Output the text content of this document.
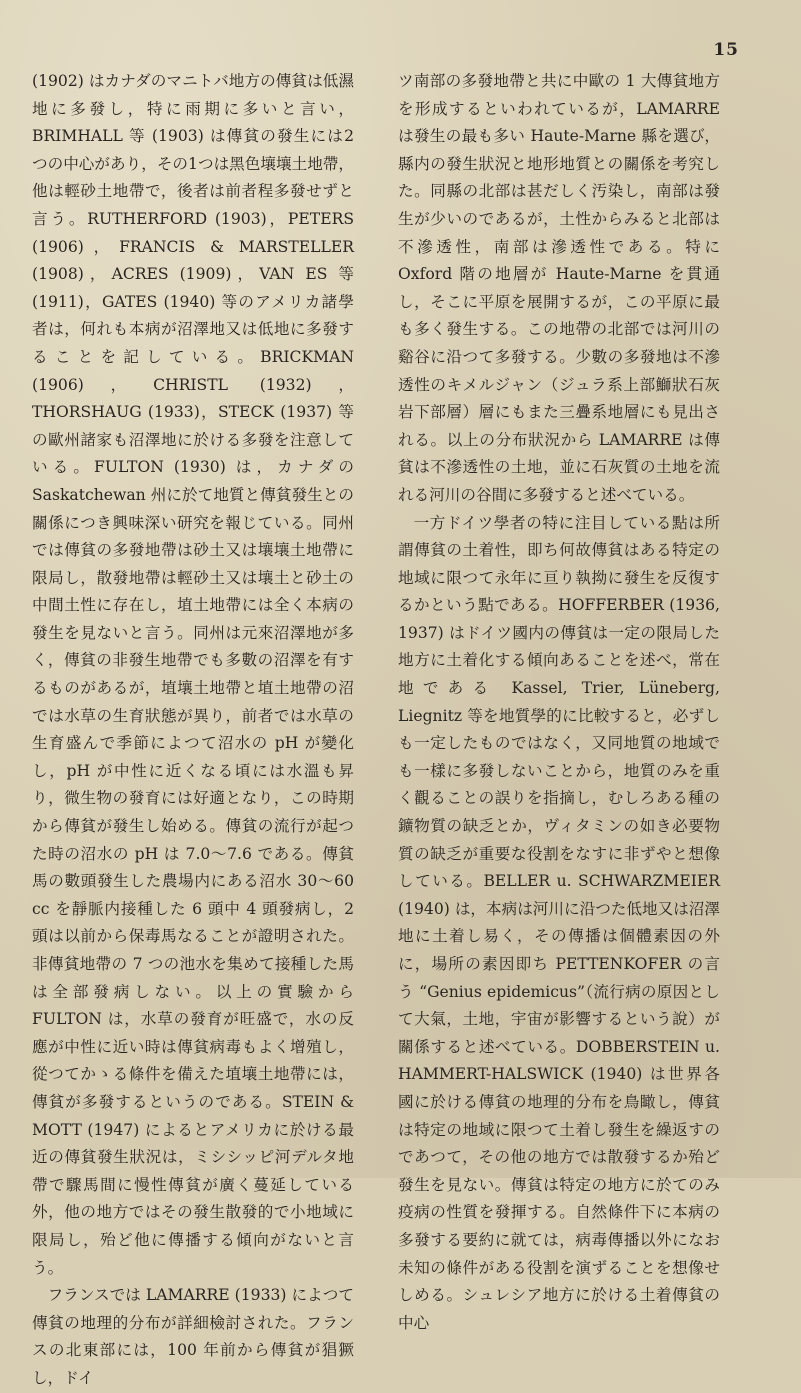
15

(1902) はカナダのマニトバ地方の傳貧は低濕地に多發し，特に雨期に多いと言い，BRIMHALL 等 (1903) は傳貧の發生には2つの中心があり，その1つは黑色壤壤土地帶，他は輕砂土地帶で，後者は前者程多發せずと言う。RUTHERFORD (1903)，PETERS (1906)，FRANCIS & MARSTELLER (1908)，ACRES (1909)，VAN ES 等 (1911)，GATES (1940) 等のアメリカ諸學者は，何れも本病が沼澤地又は低地に多發することを記している。BRICKMAN (1906)，CHRISTL (1932)，THORSHAUG (1933)，STECK (1937) 等の歐州諸家も沼澤地に於ける多發を注意している。FULTON (1930) は，カナダの Saskatchewan 州に於て地質と傳貧發生との關係につき興味深い研究を報じている。同州では傳貧の多發地帶は砂土又は壤壤土地帶に限局し，散發地帶は輕砂土又は壤土と砂土の中間土性に存在し，埴土地帶には全く本病の發生を見ないと言う。同州は元來沼澤地が多く，傳貧の非發生地帶でも多數の沼澤を有するものがあるが，埴壤土地帶と埴土地帶の沼では水草の生育狀態が異り，前者では水草の生育盛んで季節によつて沼水の pH が變化し，pH が中性に近くなる頃には水溫も昇り，微生物の發育には好適となり，この時期から傳貧が發生し始める。傳貧の流行が起つた時の沼水の pH は 7.0〜7.6 である。傳貧馬の數頭發生した農場内にある沼水 30〜60 cc を靜脈内接種した 6 頭中 4 頭發病し，2 頭は以前から保毒馬なることが證明された。非傳貧地帶の 7 つの池水を集めて接種した馬は全部發病しない。以上の實驗から FULTON は，水草の發育が旺盛で，水の反應が中性に近い時は傳貧病毒もよく增殖し，從つてかゝる條件を備えた埴壤土地帶には，傳貧が多發するというのである。STEIN & MOTT (1947) によるとアメリカに於ける最近の傳貧發生狀況は，ミシシッピ河デルタ地帶で驟馬間に慢性傳貧が廣く蔓延している外，他の地方ではその發生散發的で小地域に限局し，殆ど他に傳播する傾向がないと言う。

フランスでは LAMARRE (1933) によつて傳貧の地理的分布が詳細檢討された。フランスの北東部には，100 年前から傳貧が猖獗し，ドイ

ツ南部の多發地帶と共に中歐の 1 大傳貧地方を形成するといわれているが，LAMARRE は發生の最も多い Haute-Marne 縣を選び，縣内の發生狀況と地形地質との關係を考究した。同縣の北部は甚だしく汚染し，南部は發生が少いのであるが，土性からみると北部は不滲透性，南部は滲透性である。特に Oxford 階の地層が Haute-Marne を貫通し，そこに平原を展開するが，この平原に最も多く發生する。この地帶の北部では河川の谿谷に沿つて多發する。少數の多發地は不滲透性のキメルジャン（ジュラ系上部鰤狀石灰岩下部層）層にもまた三疊系地層にも見出される。以上の分布狀況から LAMARRE は傳貧は不滲透性の土地，並に石灰質の土地を流れる河川の谷間に多發すると述べている。

一方ドイツ學者の特に注目している點は所謂傳貧の土着性，即ち何故傳貧はある特定の地域に限つて永年に亘り執拗に發生を反復するかという點である。HOFFERBER (1936, 1937) はドイツ國内の傳貧は一定の限局した地方に土着化する傾向あることを述べ，常在地である Kassel, Trier, Lüneberg, Liegnitz 等を地質學的に比較すると，必ずしも一定したものではなく，又同地質の地域でも一樣に多發しないことから，地質のみを重く觀ることの誤りを指摘し，むしろある種の鑛物質の缺乏とか，ヴィタミンの如き必要物質の缺乏が重要な役割をなすに非ずやと想像している。BELLER u. SCHWARZMEIER (1940) は，本病は河川に沿つた低地又は沼澤地に土着し易く，その傳播は個體素因の外に，場所の素因即ち PETTENKOFER の言う “Genius epidemicus”（流行病の原因として大氣，土地，宇宙が影響するという說）が關係すると述べている。DOBBERSTEIN u. HAMMERT-HALSWICK (1940) は世界各國に於ける傳貧の地理的分布を鳥瞰し，傳貧は特定の地域に限つて土着し發生を繰返すのであつて，その他の地方では散發するか殆ど發生を見ない。傳貧は特定の地方に於てのみ疫病の性質を發揮する。自然條件下に本病の多發する要約に就ては，病毒傳播以外になお未知の條件がある役割を演ずることを想像せしめる。シュレシア地方に於ける土着傳貧の中心
